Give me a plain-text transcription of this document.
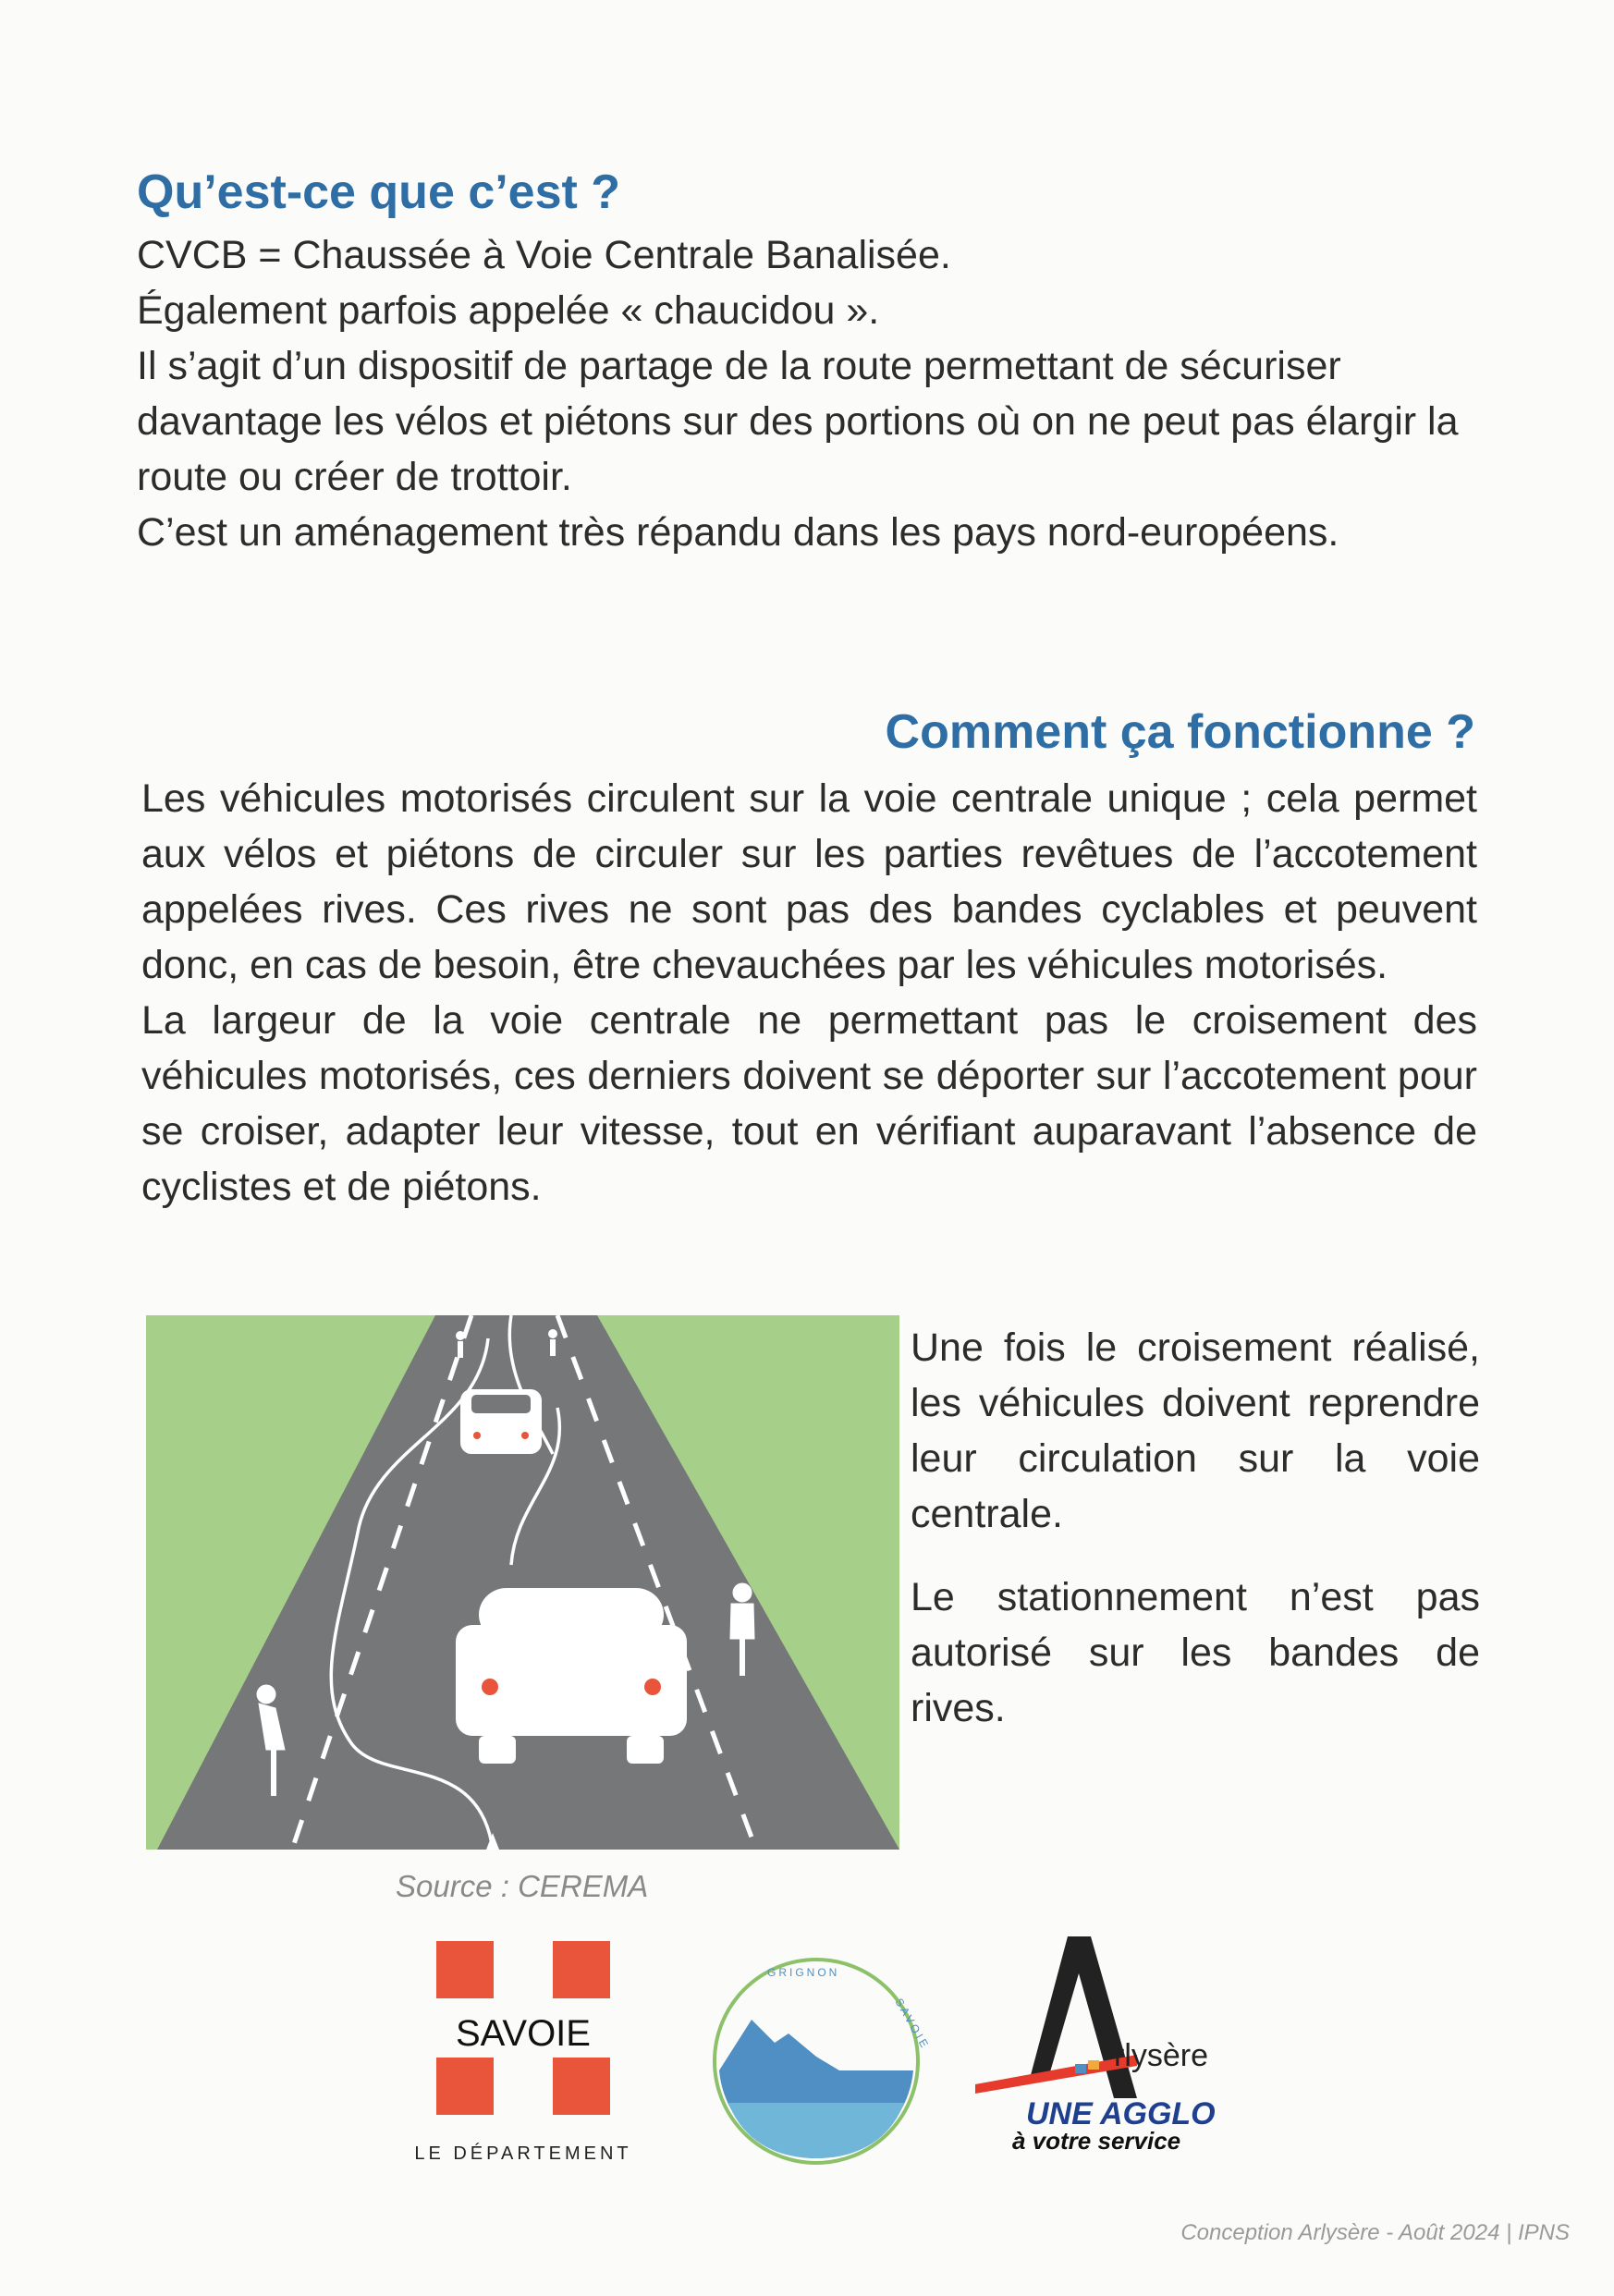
Qu’est-ce que c’est ?

CVCB = Chaussée à Voie Centrale Banalisée.

Également parfois appelée « chaucidou ».

Il s’agit d’un dispositif de partage de la route permettant de sécuriser davantage les vélos et piétons sur des portions où on ne peut pas élargir la route ou créer de trottoir.

C’est un aménagement très répandu dans les pays nord-européens.

Comment ça fonctionne ?

Les véhicules motorisés circulent sur la voie centrale unique ; cela permet aux vélos et piétons de circuler sur les parties revêtues de l’accotement appelées rives. Ces rives ne sont pas des bandes cyclables et peuvent donc, en cas de besoin, être chevauchées par les véhicules motorisés.

La largeur de la voie centrale ne permettant pas le croisement des véhicules motorisés, ces derniers doivent se déporter sur l’accotement pour se croiser, adapter leur vitesse, tout en vérifiant auparavant l’absence de cyclistes et de piétons.

Une fois le croisement réalisé, les véhicules doivent reprendre leur circulation sur la voie centrale.

Le stationnement n’est pas autorisé sur les bandes de rives.

Source : CEREMA
SAVOIE
LE DÉPARTEMENT
GRIGNON
SAVOIE
rlysère
UNE AGGLO
à votre service
Conception Arlysère - Août 2024 | IPNS
